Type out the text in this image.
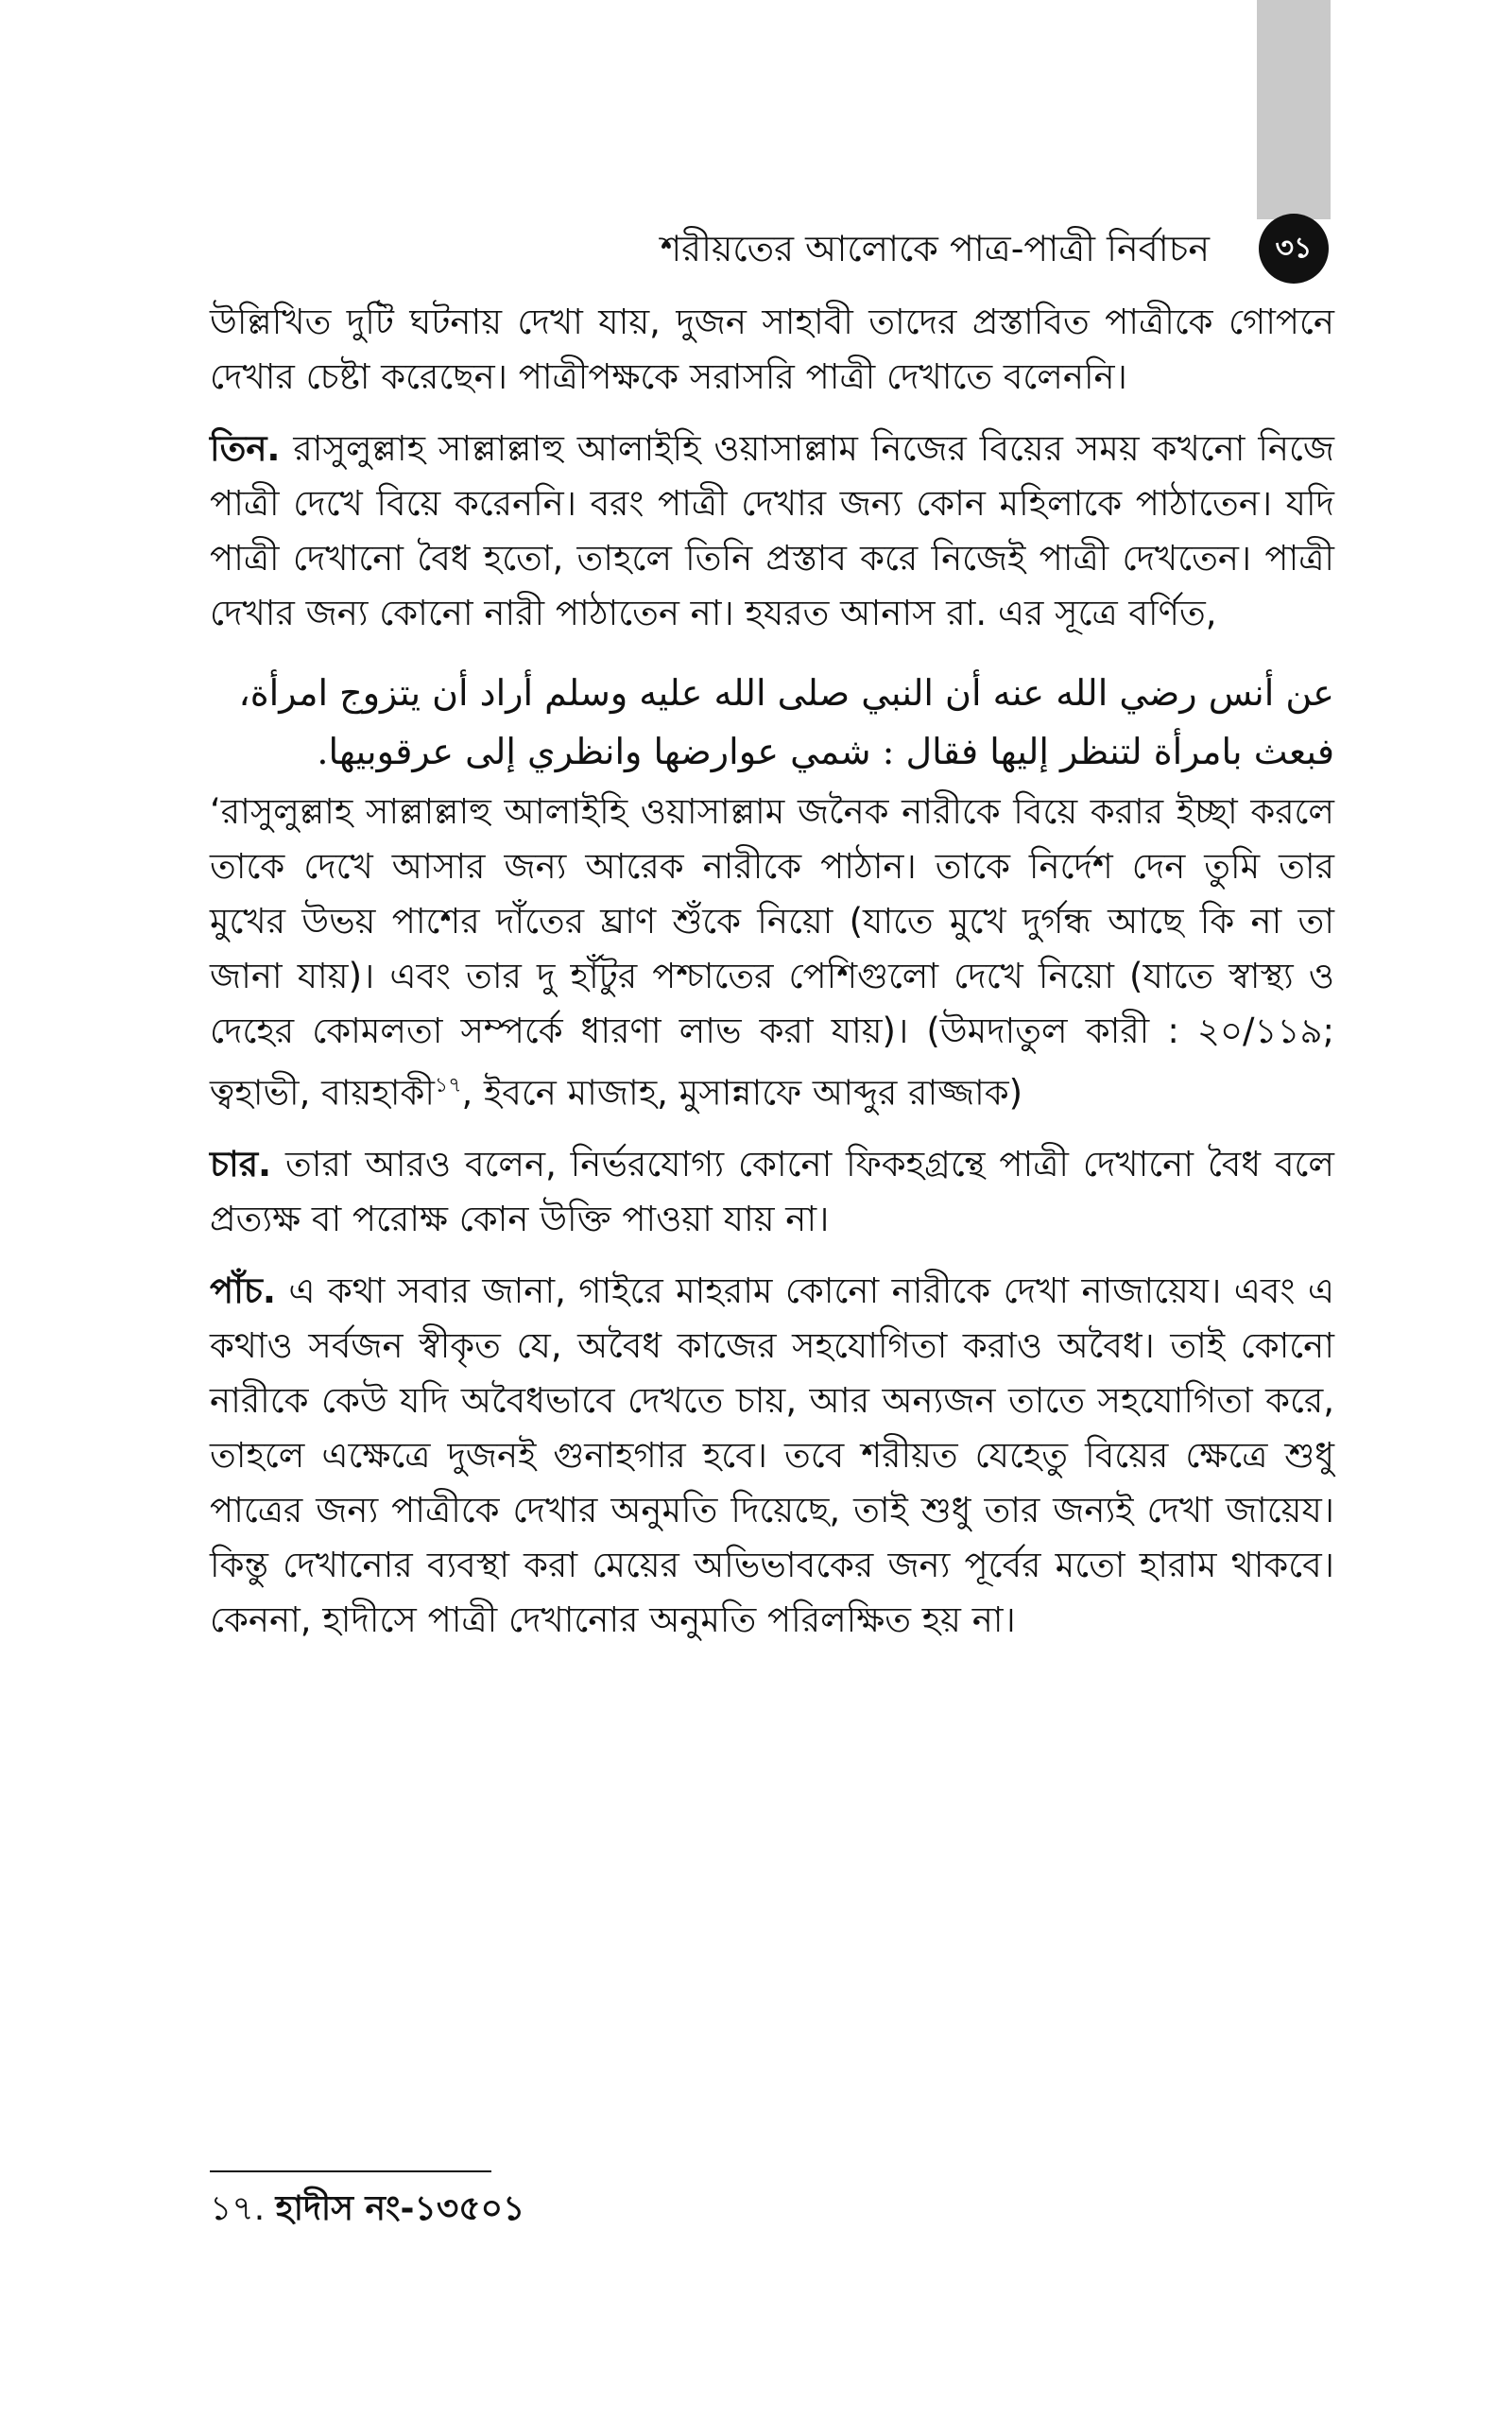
শরীয়তের আলোকে পাত্র-পাত্রী নির্বাচন	৩১

উল্লিখিত দুটি ঘটনায় দেখা যায়, দুজন সাহাবী তাদের প্রস্তাবিত পাত্রীকে গোপনে দেখার চেষ্টা করেছেন। পাত্রীপক্ষকে সরাসরি পাত্রী দেখাতে বলেননি।

তিন. রাসুলুল্লাহ সাল্লাল্লাহু আলাইহি ওয়াসাল্লাম নিজের বিয়ের সময় কখনো নিজে পাত্রী দেখে বিয়ে করেননি। বরং পাত্রী দেখার জন্য কোন মহিলাকে পাঠাতেন। যদি পাত্রী দেখানো বৈধ হতো, তাহলে তিনি প্রস্তাব করে নিজেই পাত্রী দেখতেন। পাত্রী দেখার জন্য কোনো নারী পাঠাতেন না। হযরত আনাস রা. এর সূত্রে বর্ণিত,

عن أنس رضي الله عنه أن النبي صلى الله عليه وسلم أراد أن يتزوج امرأة، فبعث بامرأة لتنظر إليها فقال : شمي عوارضها وانظري إلى عرقوبيها.

‘রাসুলুল্লাহ সাল্লাল্লাহু আলাইহি ওয়াসাল্লাম জনৈক নারীকে বিয়ে করার ইচ্ছা করলে তাকে দেখে আসার জন্য আরেক নারীকে পাঠান। তাকে নির্দেশ দেন তুমি তার মুখের উভয় পাশের দাঁতের ঘ্রাণ শুঁকে নিয়ো (যাতে মুখে দুর্গন্ধ আছে কি না তা জানা যায়)। এবং তার দু হাঁটুর পশ্চাতের পেশিগুলো দেখে নিয়ো (যাতে স্বাস্থ্য ও দেহের কোমলতা সম্পর্কে ধারণা লাভ করা যায়)। (উমদাতুল কারী : ২০/১১৯; ত্বহাভী, বায়হাকী$^{১৭}$, ইবনে মাজাহ, মুসান্নাফে আব্দুর রাজ্জাক)

চার. তারা আরও বলেন, নির্ভরযোগ্য কোনো ফিকহগ্রন্থে পাত্রী দেখানো বৈধ বলে প্রত্যক্ষ বা পরোক্ষ কোন উক্তি পাওয়া যায় না।

পাঁচ. এ কথা সবার জানা, গাইরে মাহরাম কোনো নারীকে দেখা নাজায়েয। এবং এ কথাও সর্বজন স্বীকৃত যে, অবৈধ কাজের সহযোগিতা করাও অবৈধ। তাই কোনো নারীকে কেউ যদি অবৈধভাবে দেখতে চায়, আর অন্যজন তাতে সহযোগিতা করে, তাহলে এক্ষেত্রে দুজনই গুনাহগার হবে। তবে শরীয়ত যেহেতু বিয়ের ক্ষেত্রে শুধু পাত্রের জন্য পাত্রীকে দেখার অনুমতি দিয়েছে, তাই শুধু তার জন্যই দেখা জায়েয। কিন্তু দেখানোর ব্যবস্থা করা মেয়ের অভিভাবকের জন্য পূর্বের মতো হারাম থাকবে। কেননা, হাদীসে পাত্রী দেখানোর অনুমতি পরিলক্ষিত হয় না।

১৭. হাদীস নং-১৩৫০১
